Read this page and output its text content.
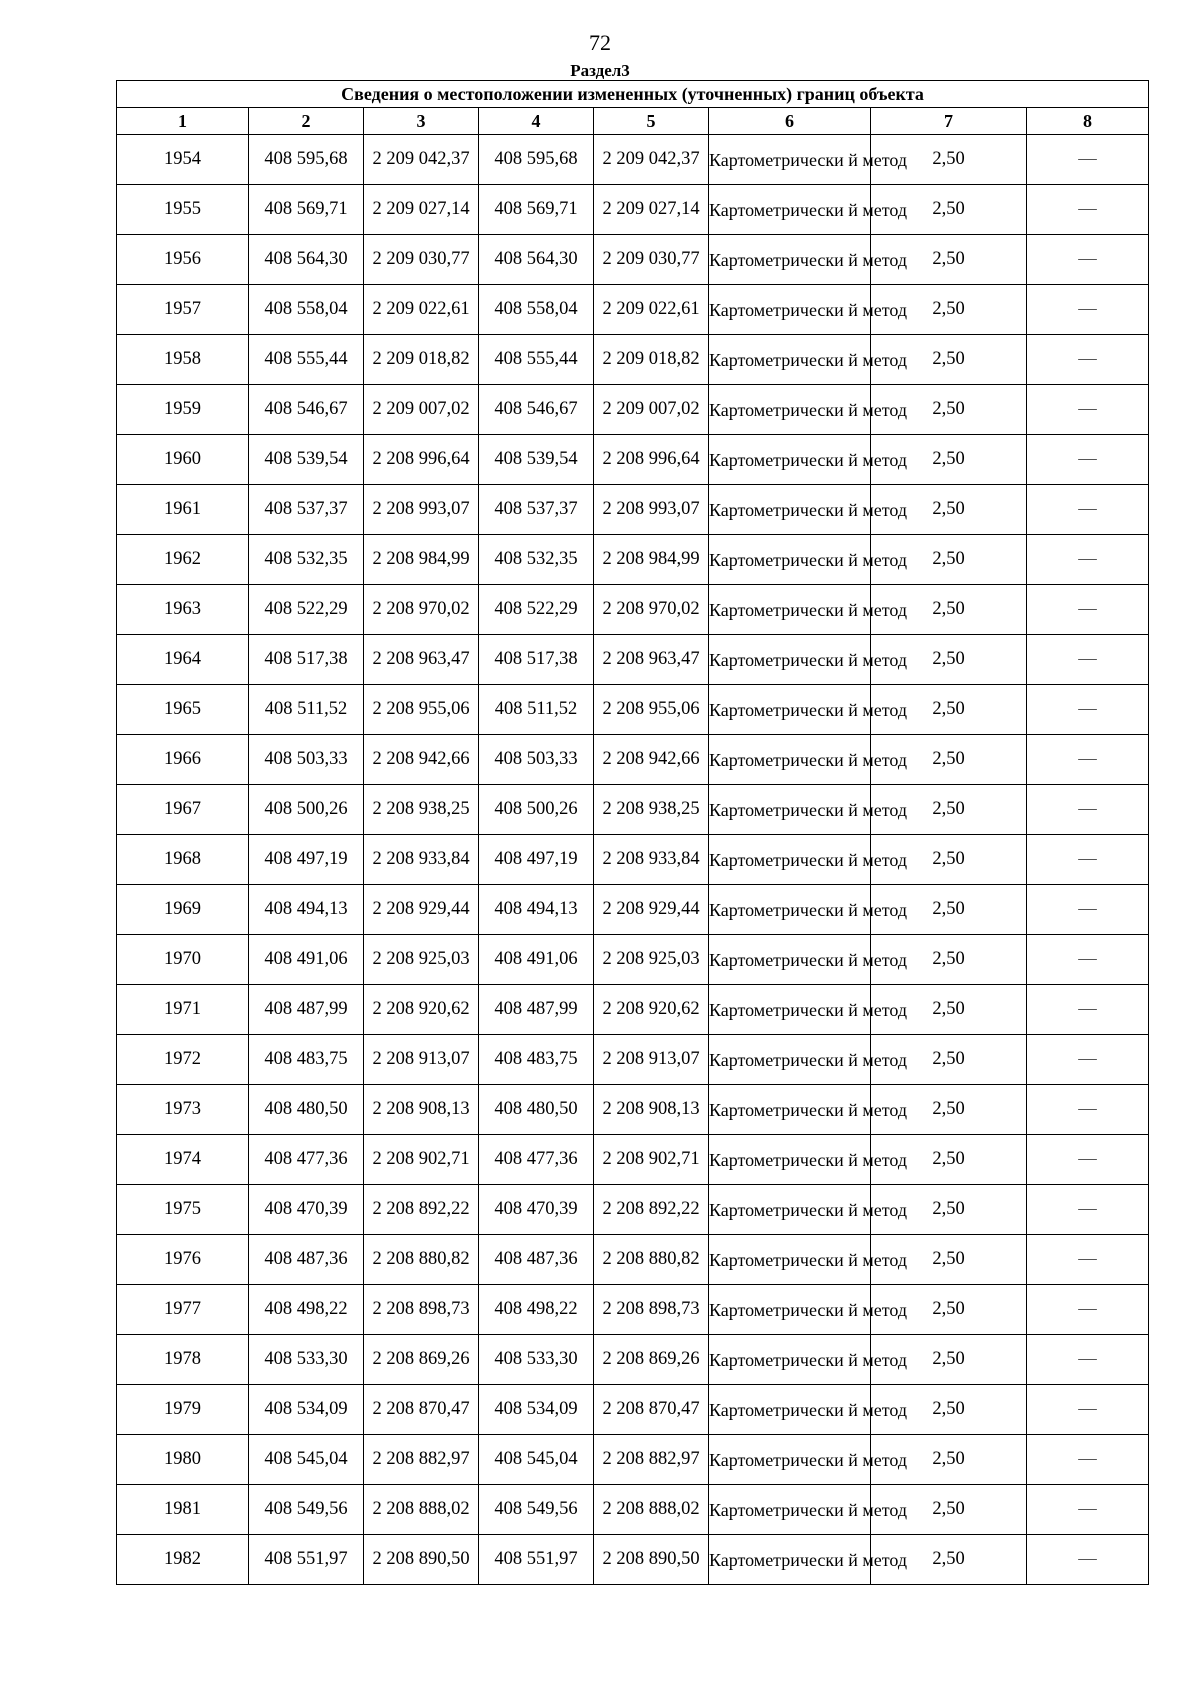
72
Раздел3
Сведения о местоположении измененных (уточненных) границ объекта							
1	2	3	4	5	6	7	8
1954	408 595,68	2 209 042,37	408 595,68	2 209 042,37	Картометрически й метод	2,50	—
1955	408 569,71	2 209 027,14	408 569,71	2 209 027,14	Картометрически й метод	2,50	—
1956	408 564,30	2 209 030,77	408 564,30	2 209 030,77	Картометрически й метод	2,50	—
1957	408 558,04	2 209 022,61	408 558,04	2 209 022,61	Картометрически й метод	2,50	—
1958	408 555,44	2 209 018,82	408 555,44	2 209 018,82	Картометрически й метод	2,50	—
1959	408 546,67	2 209 007,02	408 546,67	2 209 007,02	Картометрически й метод	2,50	—
1960	408 539,54	2 208 996,64	408 539,54	2 208 996,64	Картометрически й метод	2,50	—
1961	408 537,37	2 208 993,07	408 537,37	2 208 993,07	Картометрически й метод	2,50	—
1962	408 532,35	2 208 984,99	408 532,35	2 208 984,99	Картометрически й метод	2,50	—
1963	408 522,29	2 208 970,02	408 522,29	2 208 970,02	Картометрически й метод	2,50	—
1964	408 517,38	2 208 963,47	408 517,38	2 208 963,47	Картометрически й метод	2,50	—
1965	408 511,52	2 208 955,06	408 511,52	2 208 955,06	Картометрически й метод	2,50	—
1966	408 503,33	2 208 942,66	408 503,33	2 208 942,66	Картометрически й метод	2,50	—
1967	408 500,26	2 208 938,25	408 500,26	2 208 938,25	Картометрически й метод	2,50	—
1968	408 497,19	2 208 933,84	408 497,19	2 208 933,84	Картометрически й метод	2,50	—
1969	408 494,13	2 208 929,44	408 494,13	2 208 929,44	Картометрически й метод	2,50	—
1970	408 491,06	2 208 925,03	408 491,06	2 208 925,03	Картометрически й метод	2,50	—
1971	408 487,99	2 208 920,62	408 487,99	2 208 920,62	Картометрически й метод	2,50	—
1972	408 483,75	2 208 913,07	408 483,75	2 208 913,07	Картометрически й метод	2,50	—
1973	408 480,50	2 208 908,13	408 480,50	2 208 908,13	Картометрически й метод	2,50	—
1974	408 477,36	2 208 902,71	408 477,36	2 208 902,71	Картометрически й метод	2,50	—
1975	408 470,39	2 208 892,22	408 470,39	2 208 892,22	Картометрически й метод	2,50	—
1976	408 487,36	2 208 880,82	408 487,36	2 208 880,82	Картометрически й метод	2,50	—
1977	408 498,22	2 208 898,73	408 498,22	2 208 898,73	Картометрически й метод	2,50	—
1978	408 533,30	2 208 869,26	408 533,30	2 208 869,26	Картометрически й метод	2,50	—
1979	408 534,09	2 208 870,47	408 534,09	2 208 870,47	Картометрически й метод	2,50	—
1980	408 545,04	2 208 882,97	408 545,04	2 208 882,97	Картометрически й метод	2,50	—
1981	408 549,56	2 208 888,02	408 549,56	2 208 888,02	Картометрически й метод	2,50	—
1982	408 551,97	2 208 890,50	408 551,97	2 208 890,50	Картометрически й метод	2,50	—
